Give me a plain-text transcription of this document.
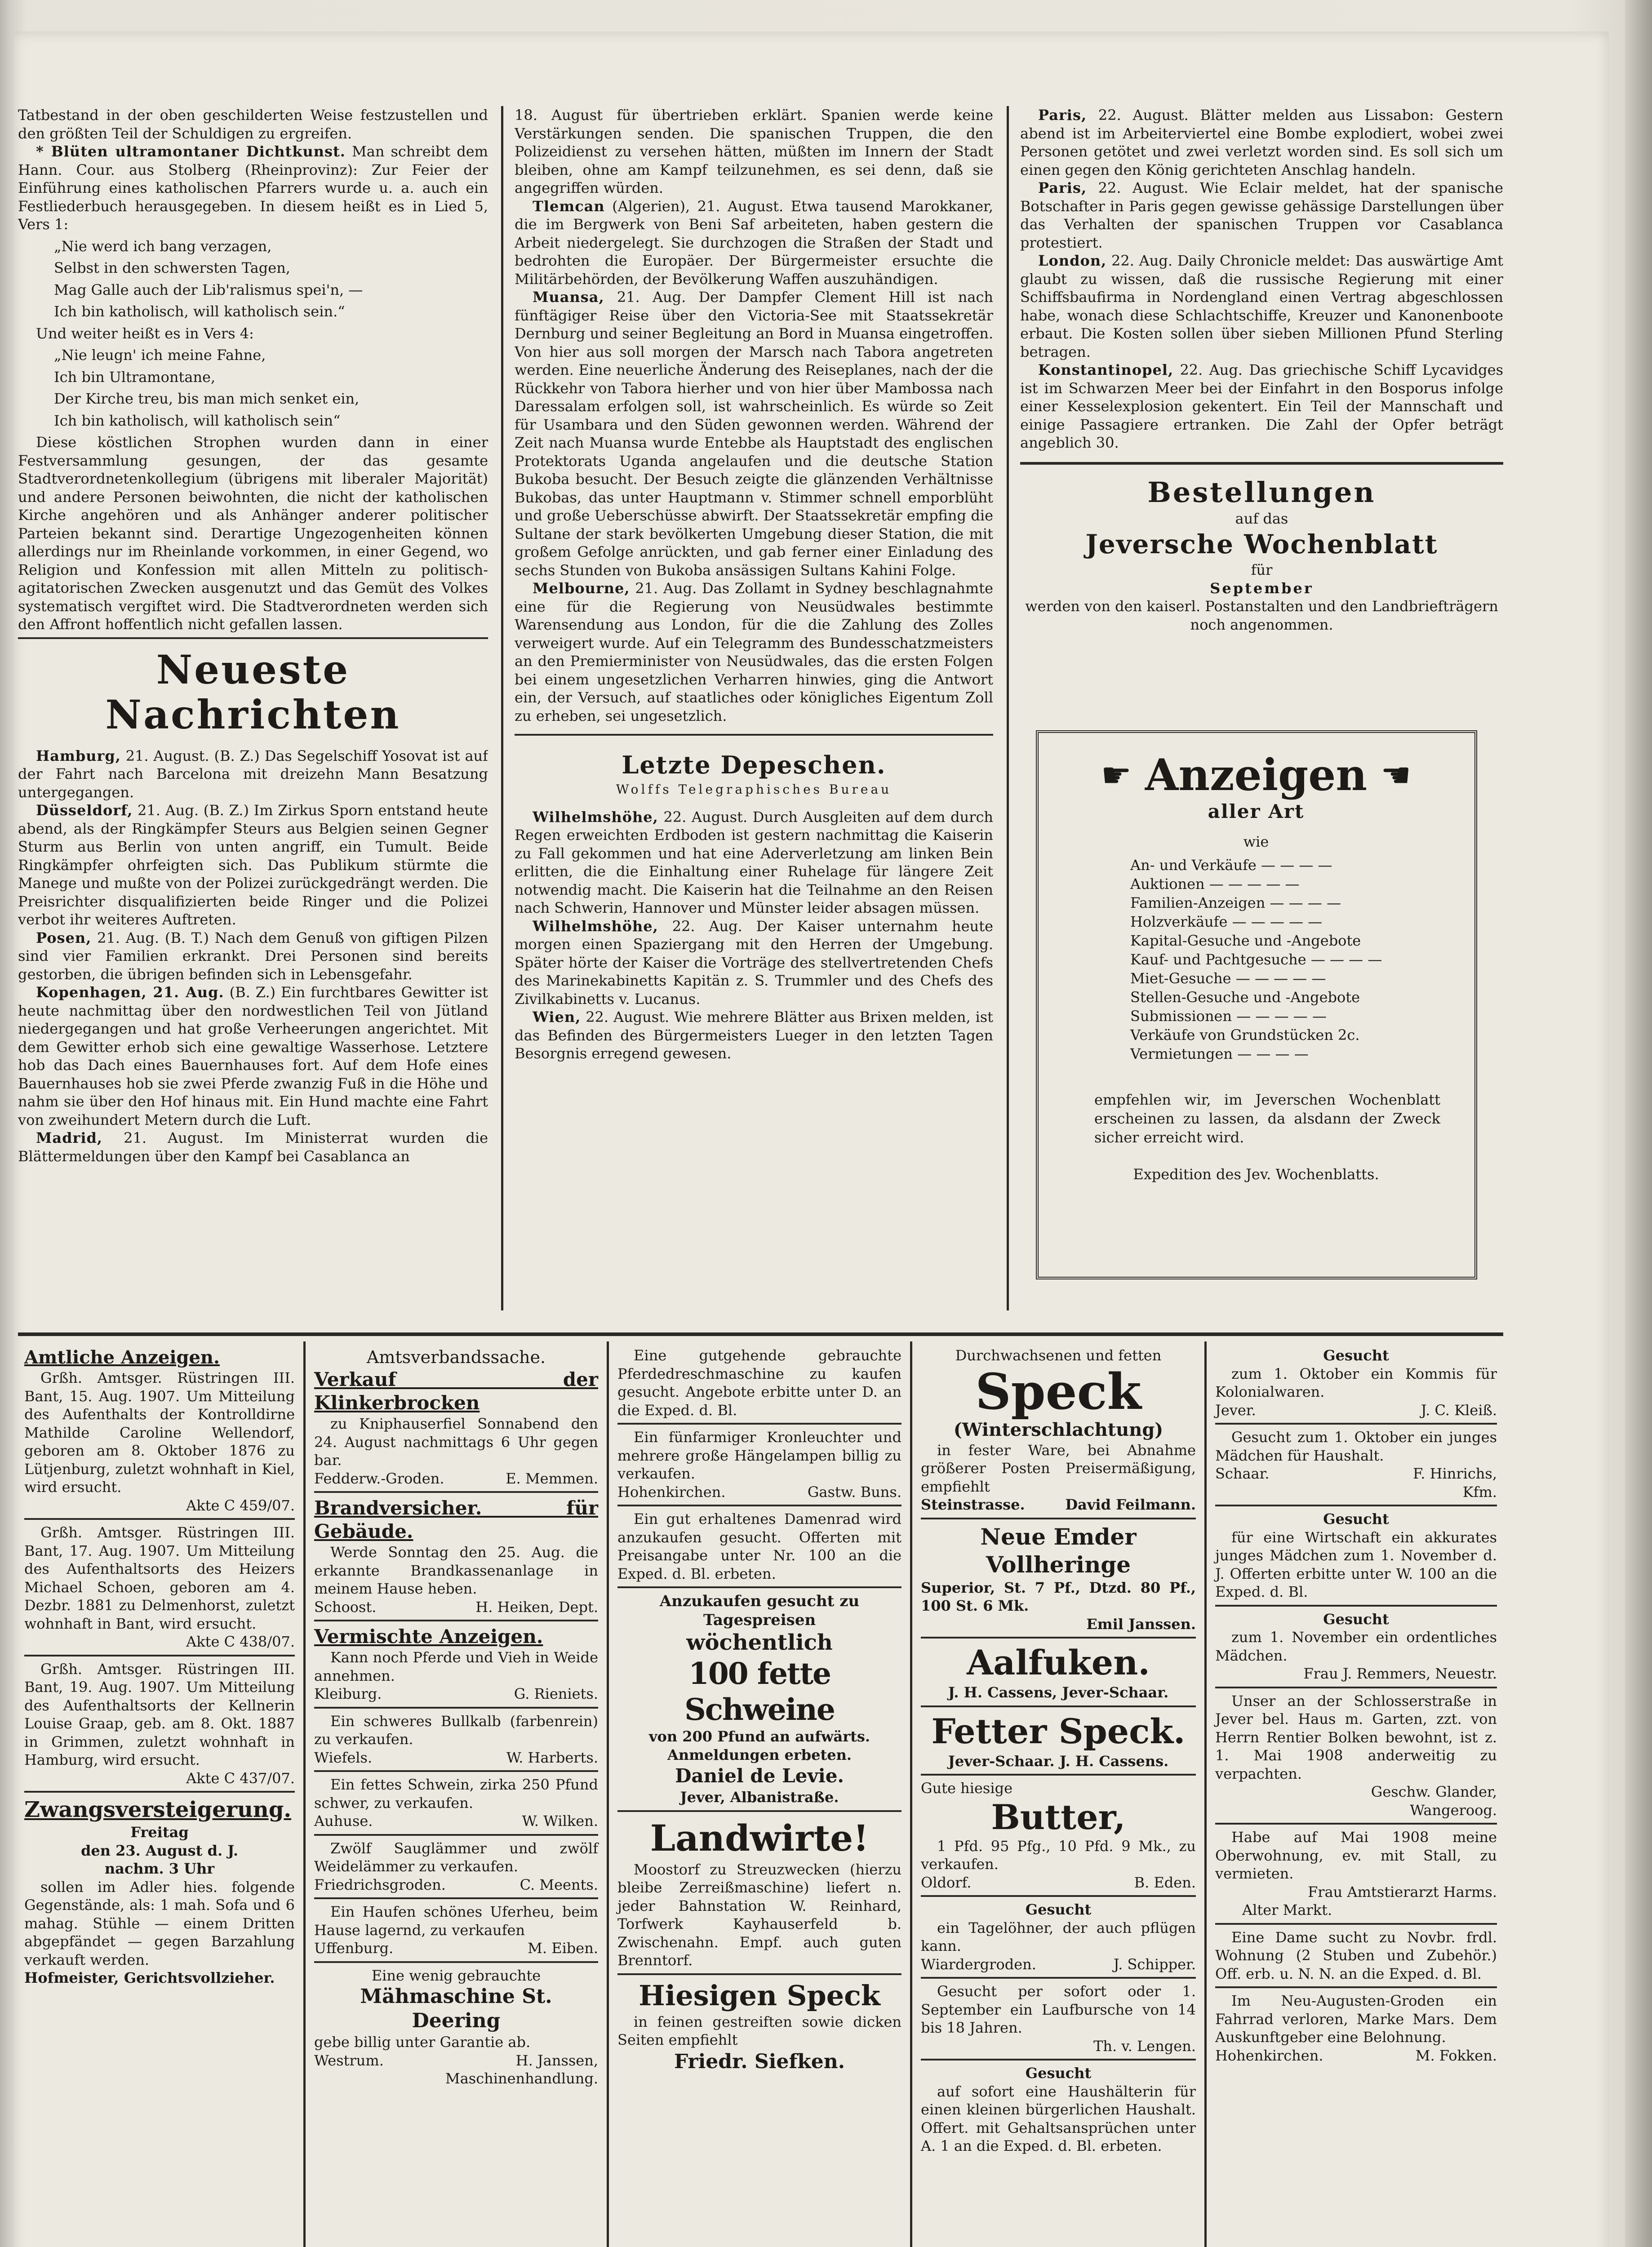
Tatbestand in der oben geschilderten Weise festzustellen und den größten Teil der Schuldigen zu ergreifen.

* Blüten ultramontaner Dichtkunst. Man schreibt dem Hann. Cour. aus Stolberg (Rheinprovinz): Zur Feier der Einführung eines katholischen Pfarrers wurde u. a. auch ein Festliederbuch herausgegeben. In diesem heißt es in Lied 5, Vers 1:

„Nie werd ich bang verzagen,

Selbst in den schwersten Tagen,

Mag Galle auch der Lib'ralismus spei'n, —

Ich bin katholisch, will katholisch sein.“

Und weiter heißt es in Vers 4:

„Nie leugn' ich meine Fahne,

Ich bin Ultramontane,

Der Kirche treu, bis man mich senket ein,

Ich bin katholisch, will katholisch sein“

Diese köstlichen Strophen wurden dann in einer Festversammlung gesungen, der das gesamte Stadtverordnetenkollegium (übrigens mit liberaler Majorität) und andere Personen beiwohnten, die nicht der katholischen Kirche angehören und als Anhänger anderer politischer Parteien bekannt sind. Derartige Ungezogenheiten können allerdings nur im Rheinlande vorkommen, in einer Gegend, wo Religion und Konfession mit allen Mitteln zu politisch-agitatorischen Zwecken ausgenutzt und das Gemüt des Volkes systematisch vergiftet wird. Die Stadtverordneten werden sich den Affront hoffentlich nicht gefallen lassen.

Neueste Nachrichten

Hamburg, 21. August. (B. Z.) Das Segelschiff Yosovat ist auf der Fahrt nach Barcelona mit dreizehn Mann Besatzung untergegangen.

Düsseldorf, 21. Aug. (B. Z.) Im Zirkus Sporn entstand heute abend, als der Ringkämpfer Steurs aus Belgien seinen Gegner Sturm aus Berlin von unten angriff, ein Tumult. Beide Ringkämpfer ohrfeigten sich. Das Publikum stürmte die Manege und mußte von der Polizei zurückgedrängt werden. Die Preisrichter disqualifizierten beide Ringer und die Polizei verbot ihr weiteres Auftreten.

Posen, 21. Aug. (B. T.) Nach dem Genuß von giftigen Pilzen sind vier Familien erkrankt. Drei Personen sind bereits gestorben, die übrigen befinden sich in Lebensgefahr.

Kopenhagen, 21. Aug. (B. Z.) Ein furchtbares Gewitter ist heute nachmittag über den nordwestlichen Teil von Jütland niedergegangen und hat große Verheerungen angerichtet. Mit dem Gewitter erhob sich eine gewaltige Wasserhose. Letztere hob das Dach eines Bauernhauses fort. Auf dem Hofe eines Bauernhauses hob sie zwei Pferde zwanzig Fuß in die Höhe und nahm sie über den Hof hinaus mit. Ein Hund machte eine Fahrt von zweihundert Metern durch die Luft.

Madrid, 21. August. Im Ministerrat wurden die Blättermeldungen über den Kampf bei Casablanca an

18. August für übertrieben erklärt. Spanien werde keine Verstärkungen senden. Die spanischen Truppen, die den Polizeidienst zu versehen hätten, müßten im Innern der Stadt bleiben, ohne am Kampf teilzunehmen, es sei denn, daß sie angegriffen würden.

Tlemcan (Algerien), 21. August. Etwa tausend Marokkaner, die im Bergwerk von Beni Saf arbeiteten, haben gestern die Arbeit niedergelegt. Sie durchzogen die Straßen der Stadt und bedrohten die Europäer. Der Bürgermeister ersuchte die Militärbehörden, der Bevölkerung Waffen auszuhändigen.

Muansa, 21. Aug. Der Dampfer Clement Hill ist nach fünftägiger Reise über den Victoria-See mit Staatssekretär Dernburg und seiner Begleitung an Bord in Muansa eingetroffen. Von hier aus soll morgen der Marsch nach Tabora angetreten werden. Eine neuerliche Änderung des Reiseplanes, nach der die Rückkehr von Tabora hierher und von hier über Mambossa nach Daressalam erfolgen soll, ist wahrscheinlich. Es würde so Zeit für Usambara und den Süden gewonnen werden. Während der Zeit nach Muansa wurde Entebbe als Hauptstadt des englischen Protektorats Uganda angelaufen und die deutsche Station Bukoba besucht. Der Besuch zeigte die glänzenden Verhältnisse Bukobas, das unter Hauptmann v. Stimmer schnell emporblüht und große Ueberschüsse abwirft. Der Staatssekretär empfing die Sultane der stark bevölkerten Umgebung dieser Station, die mit großem Gefolge anrückten, und gab ferner einer Einladung des sechs Stunden von Bukoba ansässigen Sultans Kahini Folge.

Melbourne, 21. Aug. Das Zollamt in Sydney beschlagnahmte eine für die Regierung von Neusüdwales bestimmte Warensendung aus London, für die die Zahlung des Zolles verweigert wurde. Auf ein Telegramm des Bundesschatzmeisters an den Premierminister von Neusüdwales, das die ersten Folgen bei einem ungesetzlichen Verharren hinwies, ging die Antwort ein, der Versuch, auf staatliches oder königliches Eigentum Zoll zu erheben, sei ungesetzlich.

Letzte Depeschen.
Wolffs Telegraphisches Bureau

Wilhelmshöhe, 22. August. Durch Ausgleiten auf dem durch Regen erweichten Erdboden ist gestern nachmittag die Kaiserin zu Fall gekommen und hat eine Aderverletzung am linken Bein erlitten, die die Einhaltung einer Ruhelage für längere Zeit notwendig macht. Die Kaiserin hat die Teilnahme an den Reisen nach Schwerin, Hannover und Münster leider absagen müssen.

Wilhelmshöhe, 22. Aug. Der Kaiser unternahm heute morgen einen Spaziergang mit den Herren der Umgebung. Später hörte der Kaiser die Vorträge des stellvertretenden Chefs des Marinekabinetts Kapitän z. S. Trummler und des Chefs des Zivilkabinetts v. Lucanus.

Wien, 22. August. Wie mehrere Blätter aus Brixen melden, ist das Befinden des Bürgermeisters Lueger in den letzten Tagen Besorgnis erregend gewesen.

Paris, 22. August. Blätter melden aus Lissabon: Gestern abend ist im Arbeiterviertel eine Bombe explodiert, wobei zwei Personen getötet und zwei verletzt worden sind. Es soll sich um einen gegen den König gerichteten Anschlag handeln.

Paris, 22. August. Wie Eclair meldet, hat der spanische Botschafter in Paris gegen gewisse gehässige Darstellungen über das Verhalten der spanischen Truppen vor Casablanca protestiert.

London, 22. Aug. Daily Chronicle meldet: Das auswärtige Amt glaubt zu wissen, daß die russische Regierung mit einer Schiffsbaufirma in Nordengland einen Vertrag abgeschlossen habe, wonach diese Schlachtschiffe, Kreuzer und Kanonenboote erbaut. Die Kosten sollen über sieben Millionen Pfund Sterling betragen.

Konstantinopel, 22. Aug. Das griechische Schiff Lycavidges ist im Schwarzen Meer bei der Einfahrt in den Bosporus infolge einer Kesselexplosion gekentert. Ein Teil der Mannschaft und einige Passagiere ertranken. Die Zahl der Opfer beträgt angeblich 30.

Bestellungen
auf das
Jeversche Wochenblatt
für
September
werden von den kaiserl. Postanstalten und den Landbriefträgern noch angenommen.
☛ Anzeigen ☚
aller Art
wie
An- und Verkäufe — — — —
Auktionen — — — — —
Familien-Anzeigen — — — —
Holzverkäufe — — — — —
Kapital-Gesuche und -Angebote
Kauf- und Pachtgesuche — — — —
Miet-Gesuche — — — — —
Stellen-Gesuche und -Angebote
Submissionen — — — — —
Verkäufe von Grundstücken 2c.
Vermietungen — — — —
empfehlen wir, im Jeverschen Wochenblatt erscheinen zu lassen, da alsdann der Zweck sicher erreicht wird.
Expedition des Jev. Wochenblatts.
Amtliche Anzeigen.

Grßh. Amtsger. Rüstringen III. Bant, 15. Aug. 1907. Um Mitteilung des Aufenthalts der Kontrolldirne Mathilde Caroline Wellendorf, geboren am 8. Oktober 1876 zu Lütjenburg, zuletzt wohnhaft in Kiel, wird ersucht.

Akte C 459/07.

Grßh. Amtsger. Rüstringen III. Bant, 17. Aug. 1907. Um Mitteilung des Aufenthaltsorts des Heizers Michael Schoen, geboren am 4. Dezbr. 1881 zu Delmenhorst, zuletzt wohnhaft in Bant, wird ersucht.

Akte C 438/07.

Grßh. Amtsger. Rüstringen III. Bant, 19. Aug. 1907. Um Mitteilung des Aufenthaltsorts der Kellnerin Louise Graap, geb. am 8. Okt. 1887 in Grimmen, zuletzt wohnhaft in Hamburg, wird ersucht.

Akte C 437/07.
Zwangsversteigerung.
Freitag
den 23. August d. J.
nachm. 3 Uhr

sollen im Adler hies. folgende Gegenstände, als: 1 mah. Sofa und 6 mahag. Stühle — einem Dritten abgepfändet — gegen Barzahlung verkauft werden.

Hofmeister, Gerichtsvollzieher.
Amtsverbandssache.
Verkauf der Klinkerbrocken

zu Kniphauserfiel Sonnabend den 24. August nachmittags 6 Uhr gegen bar.

Fedderw.-Groden.	E. Memmen.
Brandversicher. für Gebäude.

Werde Sonntag den 25. Aug. die erkannte Brandkassenanlage in meinem Hause heben.

Schoost.	H. Heiken, Dept.
Vermischte Anzeigen.

Kann noch Pferde und Vieh in Weide annehmen.

Kleiburg.	G. Rieniets.

Ein schweres Bullkalb (farbenrein) zu verkaufen.

Wiefels.	W. Harberts.

Ein fettes Schwein, zirka 250 Pfund schwer, zu verkaufen.

Auhuse.	W. Wilken.

Zwölf Sauglämmer und zwölf Weidelämmer zu verkaufen.

Friedrichsgroden.	C. Meents.

Ein Haufen schönes Uferheu, beim Hause lagernd, zu verkaufen

Uffenburg.	M. Eiben.
Eine wenig gebrauchte
Mähmaschine St. Deering
gebe billig unter Garantie ab.
Westrum.	H. Janssen,
Maschinenhandlung.

Eine gutgehende gebrauchte Pferdedreschmaschine zu kaufen gesucht. Angebote erbitte unter D. an die Exped. d. Bl.

Ein fünfarmiger Kronleuchter und mehrere große Hängelampen billig zu verkaufen.

Hohenkirchen.	Gastw. Buns.

Ein gut erhaltenes Damenrad wird anzukaufen gesucht. Offerten mit Preisangabe unter Nr. 100 an die Exped. d. Bl. erbeten.

Anzukaufen gesucht zu Tagespreisen
wöchentlich
100 fette Schweine
von 200 Pfund an aufwärts. Anmeldungen erbeten.
Daniel de Levie.
Jever, Albanistraße.
Landwirte!

Moostorf zu Streuzwecken (hierzu bleibe Zerreißmaschine) liefert n. jeder Bahnstation W. Reinhard, Torfwerk Kayhauserfeld b. Zwischenahn. Empf. auch guten Brenntorf.

Hiesigen Speck

in feinen gestreiften sowie dicken Seiten empfiehlt

Friedr. Siefken.
Durchwachsenen und fetten
Speck
(Winterschlachtung)

in fester Ware, bei Abnahme größerer Posten Preisermäßigung, empfiehlt

Steinstrasse.	David Feilmann.
Neue Emder Vollheringe
Superior, St. 7 Pf., Dtzd. 80 Pf., 100 St. 6 Mk.
Emil Janssen.
Aalfuken.
J. H. Cassens, Jever-Schaar.
Fetter Speck.
Jever-Schaar. J. H. Cassens.
Gute hiesige
Butter,

1 Pfd. 95 Pfg., 10 Pfd. 9 Mk., zu verkaufen.

Oldorf.	B. Eden.
Gesucht

ein Tagelöhner, der auch pflügen kann.

Wiardergroden.	J. Schipper.

Gesucht per sofort oder 1. September ein Laufbursche von 14 bis 18 Jahren.

Th. v. Lengen.
Gesucht

auf sofort eine Haushälterin für einen kleinen bürgerlichen Haushalt. Offert. mit Gehaltsansprüchen unter A. 1 an die Exped. d. Bl. erbeten.

Gesucht

zum 1. Oktober ein Kommis für Kolonialwaren.

Jever.	J. C. Kleiß.

Gesucht zum 1. Oktober ein junges Mädchen für Haushalt.

Schaar.	F. Hinrichs,
Kfm.
Gesucht

für eine Wirtschaft ein akkurates junges Mädchen zum 1. November d. J. Offerten erbitte unter W. 100 an die Exped. d. Bl.

Gesucht

zum 1. November ein ordentliches Mädchen.

Frau J. Remmers, Neuestr.

Unser an der Schlosserstraße in Jever bel. Haus m. Garten, zzt. von Herrn Rentier Bolken bewohnt, ist z. 1. Mai 1908 anderweitig zu verpachten.

Geschw. Glander,
Wangeroog.

Habe auf Mai 1908 meine Oberwohnung, ev. mit Stall, zu vermieten.

Frau Amtstierarzt Harms.
Alter Markt.

Eine Dame sucht zu Novbr. frdl. Wohnung (2 Stuben und Zubehör.) Off. erb. u. N. N. an die Exped. d. Bl.

Im Neu-Augusten-Groden ein Fahrrad verloren, Marke Mars. Dem Auskunftgeber eine Belohnung.

Hohenkirchen.	M. Fokken.
